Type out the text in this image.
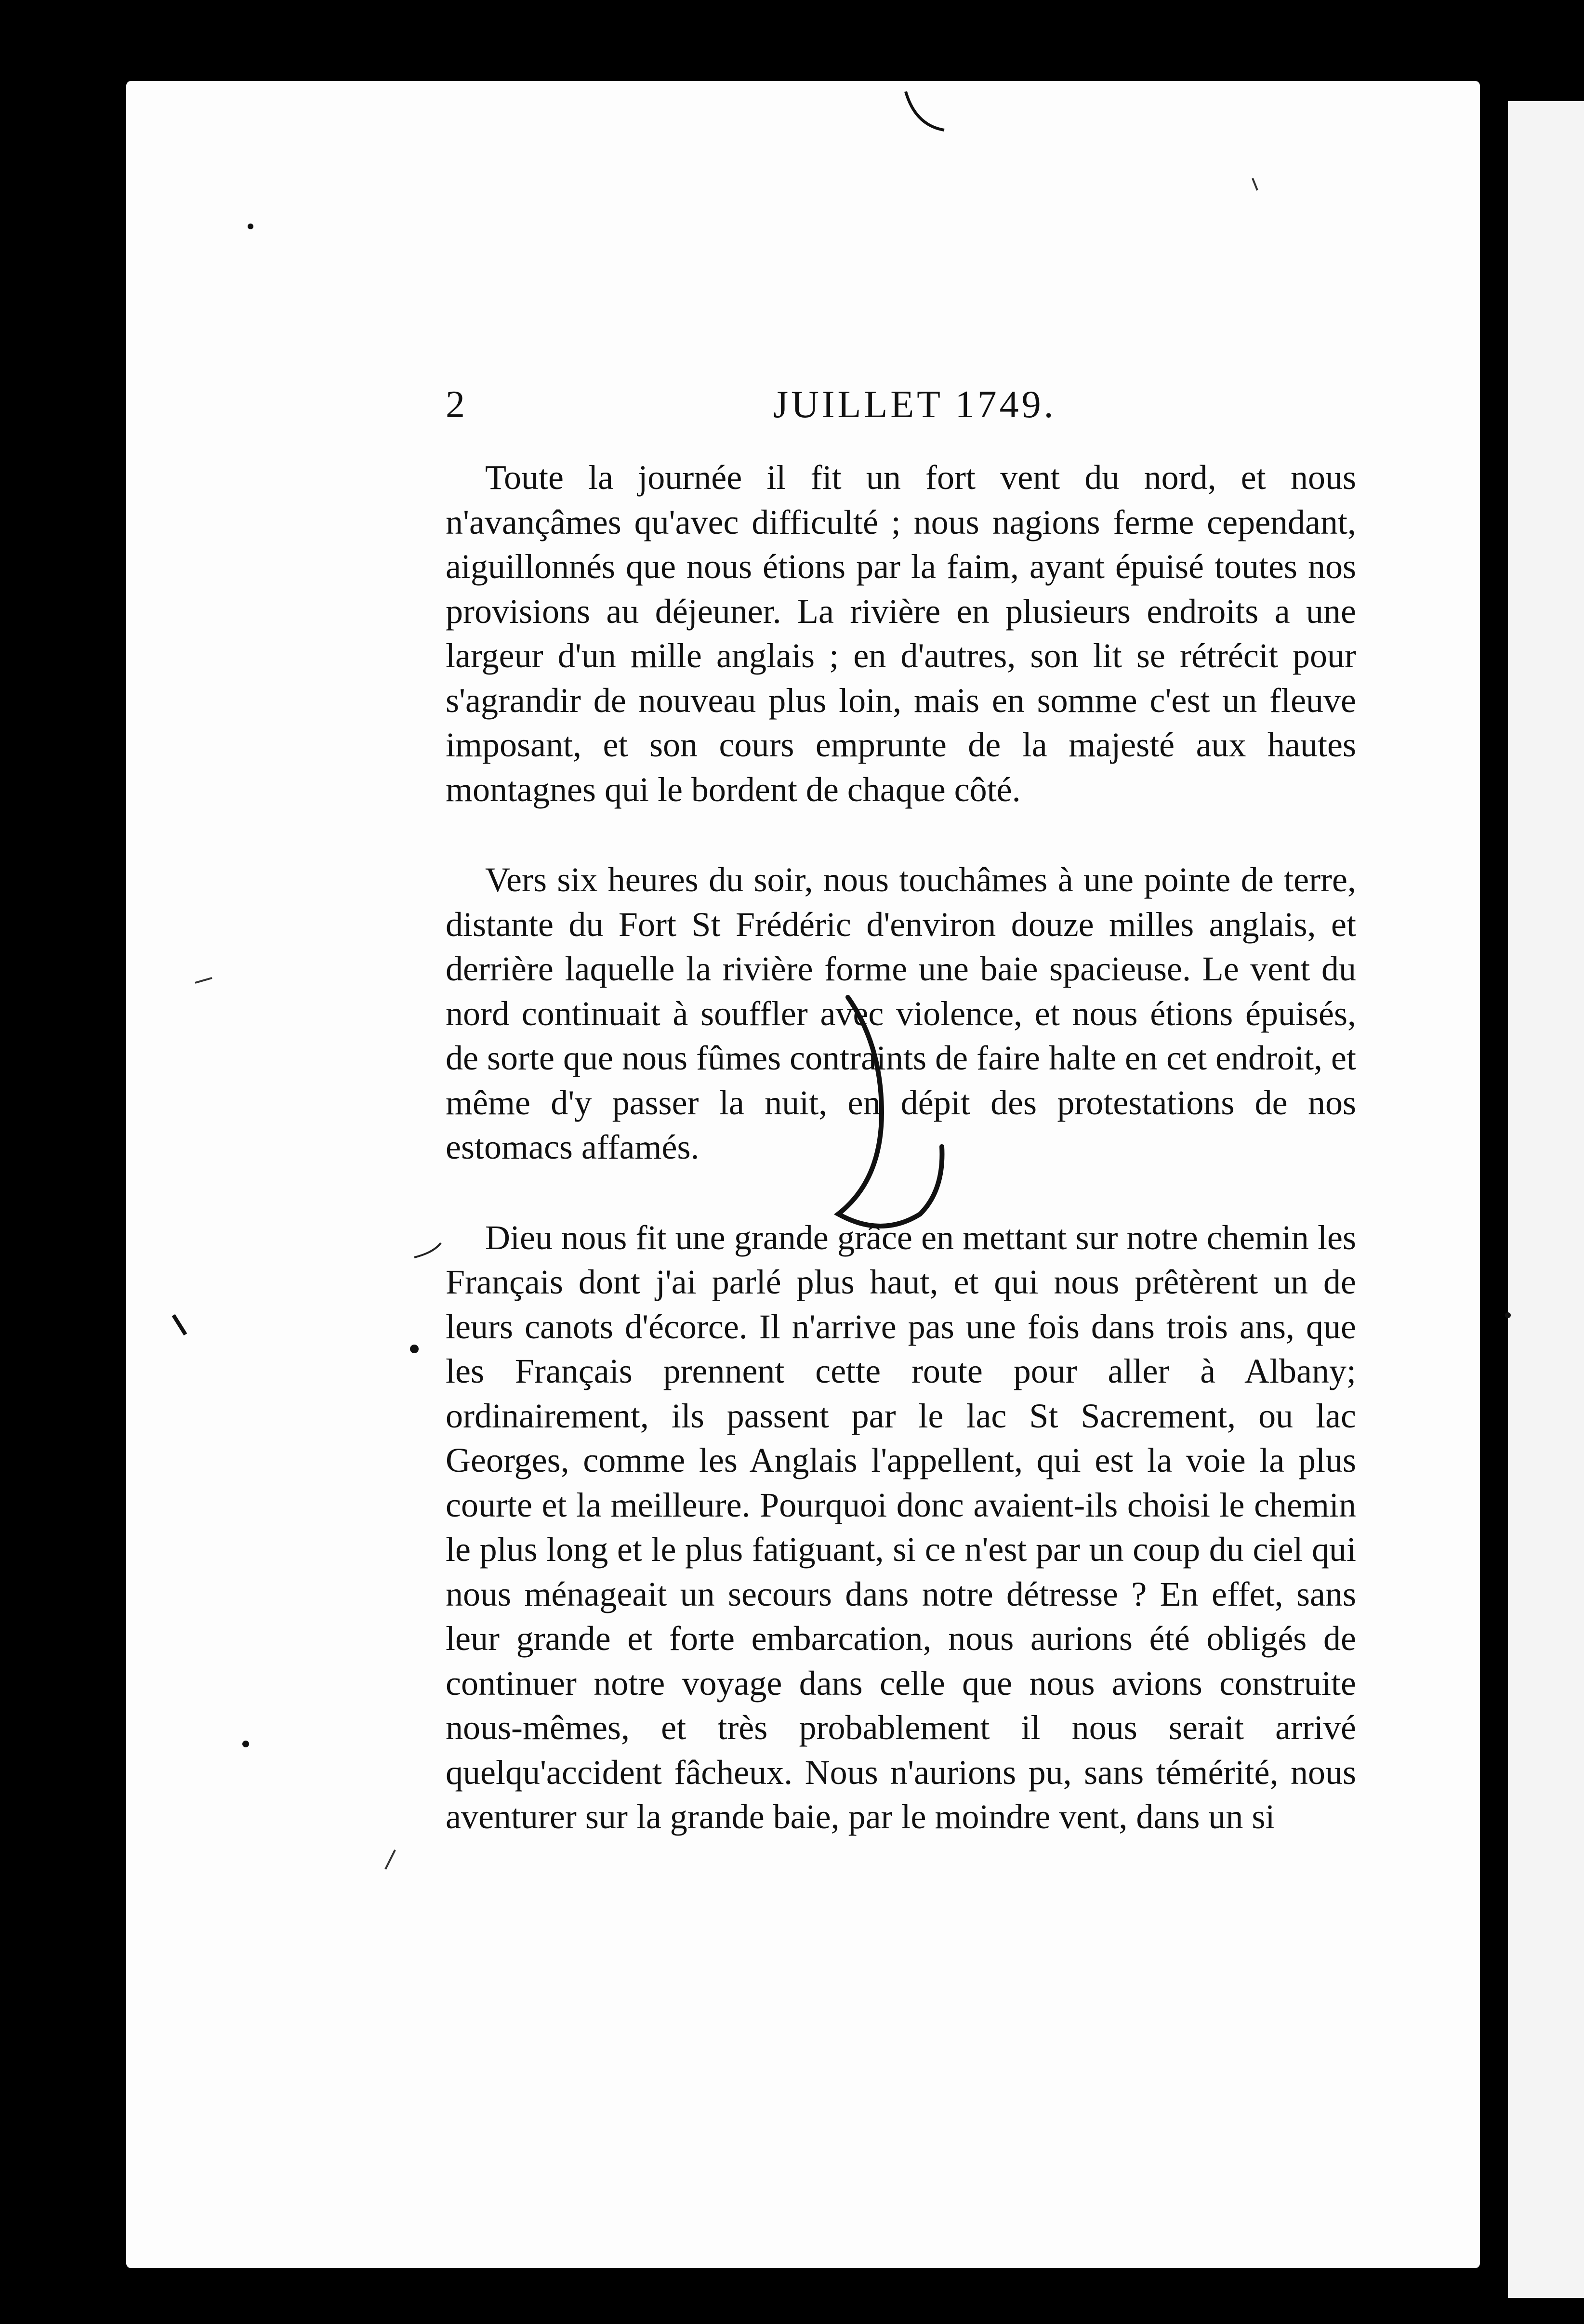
2	JUILLET 1749.

Toute la journée il fit un fort vent du nord, et nous n'avançâmes qu'avec difficulté ; nous nagions ferme cependant, aiguillonnés que nous étions par la faim, ayant épuisé toutes nos provisions au déjeuner. La rivière en plusieurs endroits a une largeur d'un mille anglais ; en d'autres, son lit se rétrécit pour s'agrandir de nouveau plus loin, mais en somme c'est un fleuve imposant, et son cours emprunte de la majesté aux hautes montagnes qui le bordent de chaque côté.

Vers six heures du soir, nous touchâmes à une pointe de terre, distante du Fort St Frédéric d'environ douze milles anglais, et derrière laquelle la rivière forme une baie spacieuse. Le vent du nord continuait à souffler avec violence, et nous étions épuisés, de sorte que nous fûmes contraints de faire halte en cet endroit, et même d'y passer la nuit, en dépit des protestations de nos estomacs affamés.

Dieu nous fit une grande grâce en mettant sur notre chemin les Français dont j'ai parlé plus haut, et qui nous prêtèrent un de leurs canots d'écorce. Il n'arrive pas une fois dans trois ans, que les Français prennent cette route pour aller à Albany; ordinairement, ils passent par le lac St Sacrement, ou lac Georges, comme les Anglais l'appellent, qui est la voie la plus courte et la meilleure. Pourquoi donc avaient-ils choisi le chemin le plus long et le plus fatiguant, si ce n'est par un coup du ciel qui nous ménageait un secours dans notre détresse ? En effet, sans leur grande et forte embarcation, nous aurions été obligés de continuer notre voyage dans celle que nous avions construite nous-mêmes, et très probablement il nous serait arrivé quelqu'accident fâcheux. Nous n'aurions pu, sans témérité, nous aventurer sur la grande baie, par le moindre vent, dans un si
